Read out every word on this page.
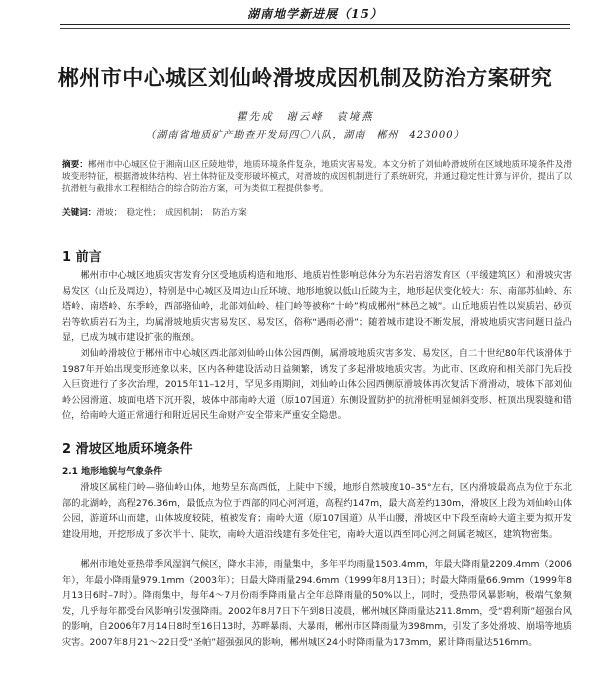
湖南地学新进展（15）
郴州市中心城区刘仙岭滑坡成因机制及防治方案研究
瞿先成　谢云峰　袁境燕
（湖南省地质矿产勘查开发局四〇八队，湖南　郴州　423000）
摘要：郴州市中心城区位于湘南山区丘陵地带，地质环境条件复杂，地质灾害易发。本文分析了刘仙岭滑坡所在区域地质环境条件及滑坡变形特征，根据滑坡体结构、岩土体特征及变形破坏模式，对滑坡的成因机制进行了系统研究，并通过稳定性计算与评价，提出了以抗滑桩与截排水工程相结合的综合防治方案，可为类似工程提供参考。
关键词：滑坡；　稳定性；　成因机制；　防治方案
1 前言
郴州市中心城区地质灾害发育分区受地质构造和地形、地质岩性影响总体分为东岩岩溶发育区（平缓建筑区）和滑坡灾害易发区（山丘及周边），特别是中心城区及周边山丘环境、地形地貌以低山丘陵为主，地形起伏变化较大：东、南部苏仙岭、东塔岭、南塔岭、东季岭，西部骆仙岭，北部刘仙岭、桂门岭等被称“十岭”构成郴州“林邑之城”。山丘地质岩性以炭质岩、砂页岩等软质岩石为主，均属滑坡地质灾害易发区、易发区，俗称“遇雨必滑”；随着城市建设不断发展，滑坡地质灾害问题日益凸显，已成为城市建设扩张的瓶颈。
刘仙岭滑坡位于郴州市中心城区西北部刘仙岭山体公园西侧，属滑坡地质灾害多发、易发区，自二十世纪80年代该滑体于1987年开始出现变形迹象以来，区内各种建设活动日益频繁，诱发了多起滑坡地质灾害。为此市、区政府和相关部门先后投入巨资进行了多次治理，2015年11–12月，罕见多雨期间，刘仙岭山体公园西侧原滑坡体再次复活下滑滑动，坡体下部刘仙岭公园滑道、坡面电塔下沉开裂，坡体中部南岭大道（原107国道）东侧设置防护的抗滑桩明显倾斜变形、桩顶出现裂缝和错位，给南岭大道正常通行和附近居民生命财产安全带来严重安全隐患。
2 滑坡区地质环境条件
2.1 地形地貌与气象条件
滑坡区属桂门岭—骆仙岭山体，地势呈东高西低，上陡中下缓，地形自然坡度10–35°左右，区内滑坡最高点为位于东北部的北湖岭，高程276.36m，最低点为位于西部的同心河河道，高程约147m，最大高差约130m，滑坡区上段为刘仙岭山体公园，游道环山而建，山体坡度较陡，植被发育；南岭大道（原107国道）从半山腰，滑坡区中下段至南岭大道主要为拟开发建设用地，开挖形成了多次半十、陡坎，南岭大道沿线建有多处住宅，南岭大道以西至同心河之间属老城区，建筑物密集。
郴州市地处亚热带季风湿润气候区，降水丰沛，雨量集中，多年平均雨量1503.4mm，年最大降雨量2209.4mm（2006年），年最小降雨量979.1mm（2003年）；日最大降雨量294.6mm（1999年8月13日）；时最大降雨量66.9mm（1999年8月13日6时–7时）。降雨集中，每年4～7月份雨季降雨量占全年总降雨量的50%以上，同时，受热带风暴影响，极端气象频发，几乎每年都受台风影响引发强降雨。2002年8月7日下午到8日凌晨，郴州城区降雨量达211.8mm，受“碧利斯”超强台风的影响，自2006年7月14日8时至16日13时，苏畔暴雨、大暴雨，郴州市区降雨量为398mm，引发了多处滑坡、崩塌等地质灾害。2007年8月21～22日受“圣帕”超强强风的影响，郴州城区24小时降雨量为173mm，累计降雨量达516mm。
